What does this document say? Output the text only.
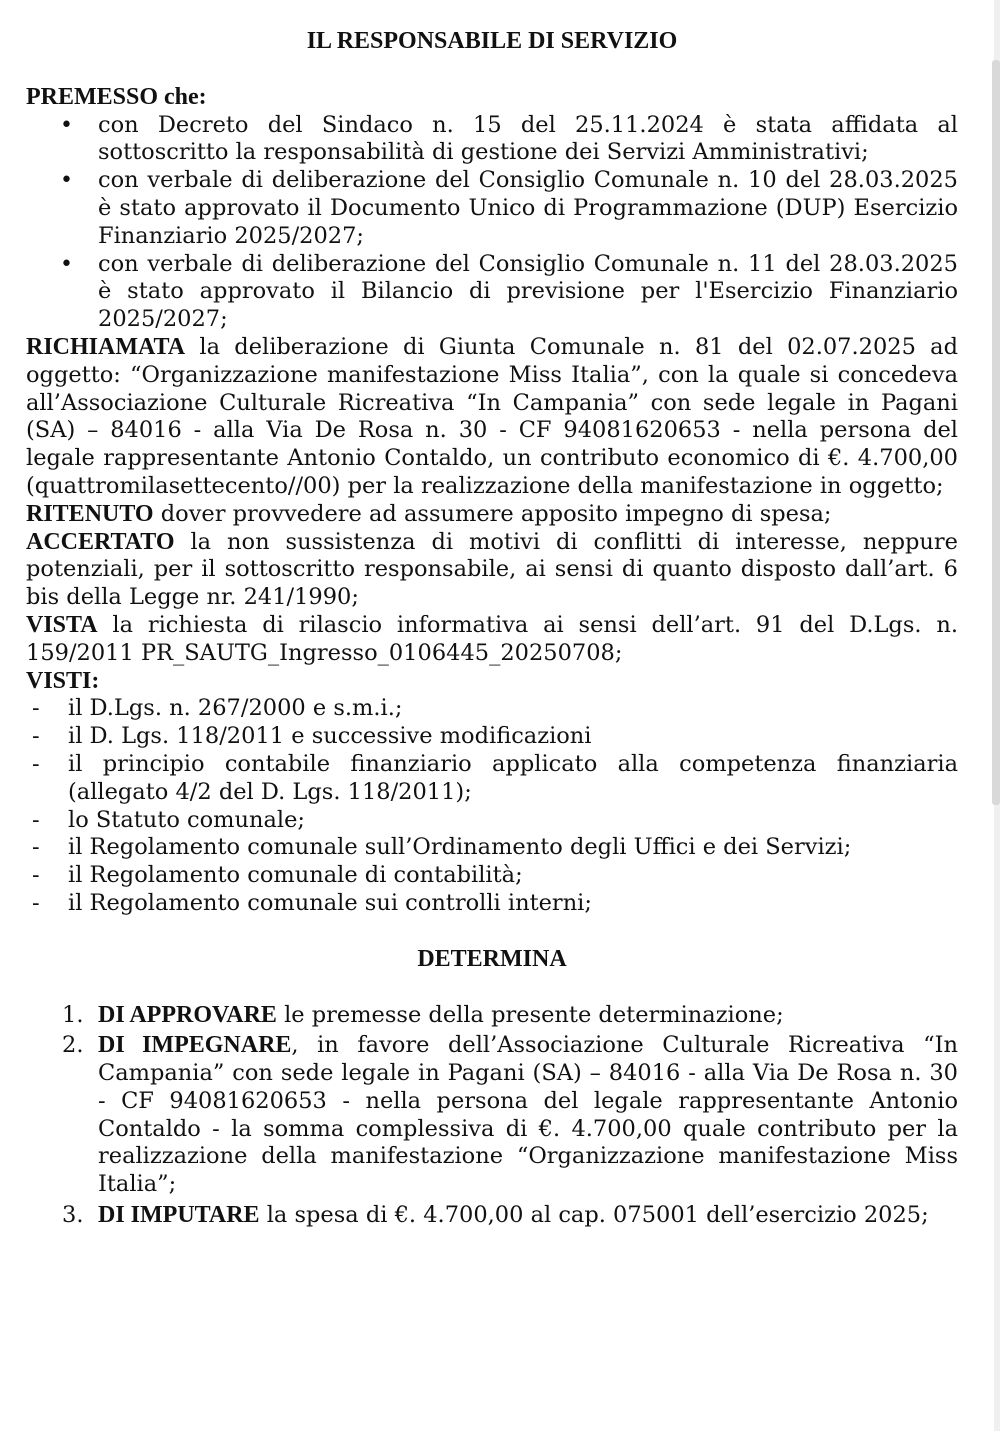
IL RESPONSABILE DI SERVIZIO
PREMESSO che:
• con Decreto del Sindaco n. 15 del 25.11.2024 è stata affidata al sottoscritto la responsabilità di gestione dei Servizi Amministrativi;
• con verbale di deliberazione del Consiglio Comunale n. 10 del 28.03.2025 è stato approvato il Documento Unico di Programmazione (DUP) Esercizio Finanziario 2025/2027;
• con verbale di deliberazione del Consiglio Comunale n. 11 del 28.03.2025 è stato approvato il Bilancio di previsione per l'Esercizio Finanziario 2025/2027;
RICHIAMATA la deliberazione di Giunta Comunale n. 81 del 02.07.2025 ad oggetto: “Organizzazione manifestazione Miss Italia”, con la quale si concedeva all’Associazione Culturale Ricreativa “In Campania” con sede legale in Pagani (SA) – 84016 - alla Via De Rosa n. 30 - CF 94081620653 - nella persona del legale rappresentante Antonio Contaldo, un contributo economico di €. 4.700,00 (quattromilasettecento//00) per la realizzazione della manifestazione in oggetto;
RITENUTO dover provvedere ad assumere apposito impegno di spesa;
ACCERTATO la non sussistenza di motivi di conflitti di interesse, neppure potenziali, per il sottoscritto responsabile, ai sensi di quanto disposto dall’art. 6 bis della Legge nr. 241/1990;
VISTA la richiesta di rilascio informativa ai sensi dell’art. 91 del D.Lgs. n. 159/2011 PR_SAUTG_Ingresso_0106445_20250708;
VISTI:
- il D.Lgs. n. 267/2000 e s.m.i.;
- il D. Lgs. 118/2011 e successive modificazioni
- il principio contabile finanziario applicato alla competenza finanziaria (allegato 4/2 del D. Lgs. 118/2011);
- lo Statuto comunale;
- il Regolamento comunale sull’Ordinamento degli Uffici e dei Servizi;
- il Regolamento comunale di contabilità;
- il Regolamento comunale sui controlli interni;
DETERMINA
1. DI APPROVARE le premesse della presente determinazione;
2. DI IMPEGNARE, in favore dell’Associazione Culturale Ricreativa “In Campania” con sede legale in Pagani (SA) – 84016 - alla Via De Rosa n. 30 - CF 94081620653 - nella persona del legale rappresentante Antonio Contaldo - la somma complessiva di €. 4.700,00 quale contributo per la realizzazione della manifestazione “Organizzazione manifestazione Miss Italia”;
3. DI IMPUTARE la spesa di €. 4.700,00 al cap. 075001 dell’esercizio 2025;
